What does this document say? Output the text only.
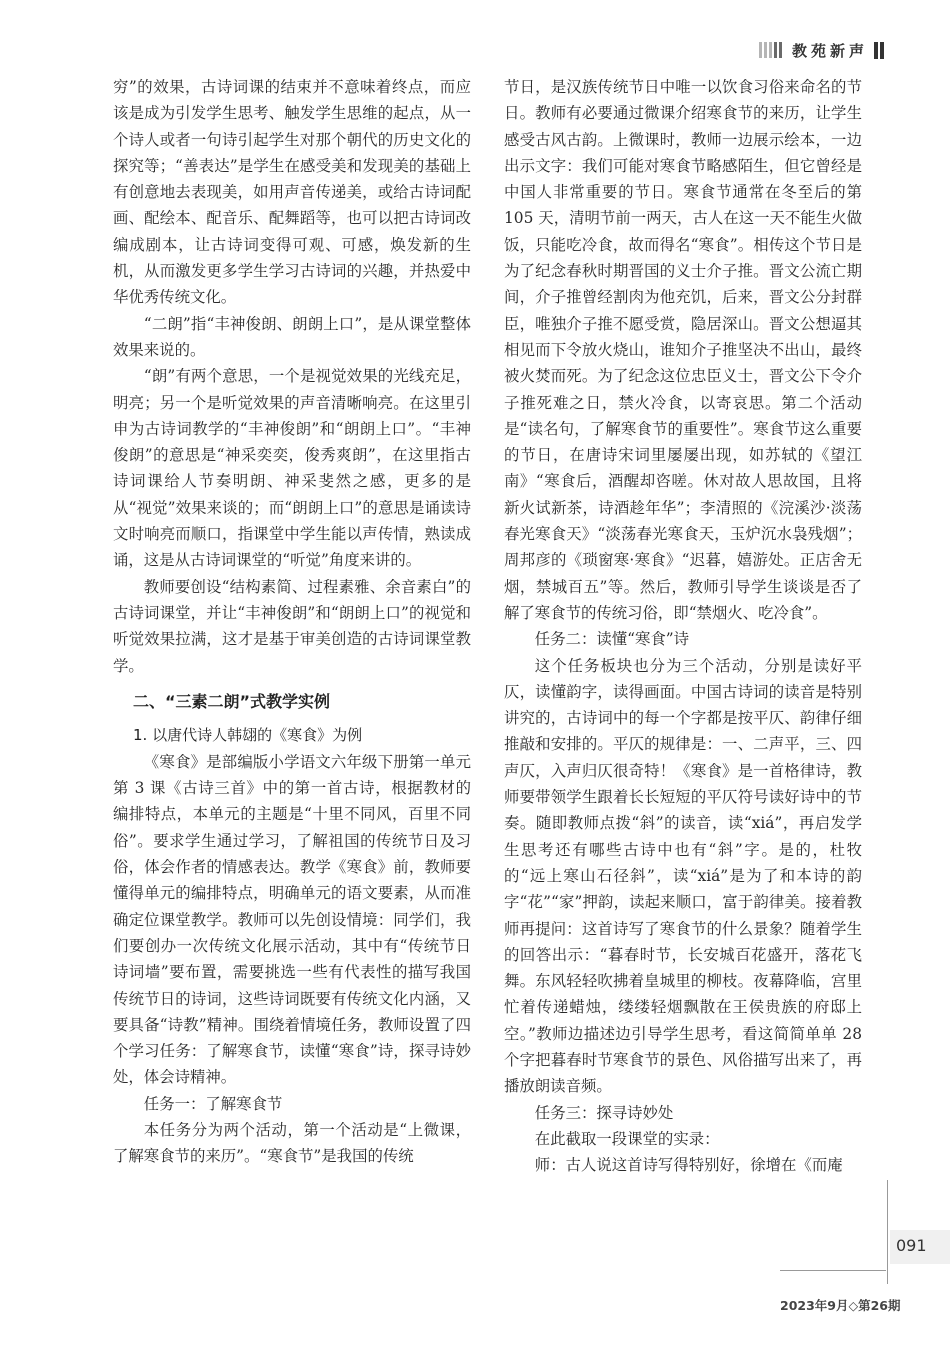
教苑新声

穷”的效果，古诗词课的结束并不意味着终点，而应该是成为引发学生思考、触发学生思维的起点，从一个诗人或者一句诗引起学生对那个朝代的历史文化的探究等；“善表达”是学生在感受美和发现美的基础上有创意地去表现美，如用声音传递美，或给古诗词配画、配绘本、配音乐、配舞蹈等，也可以把古诗词改编成剧本，让古诗词变得可观、可感，焕发新的生机，从而激发更多学生学习古诗词的兴趣，并热爱中华优秀传统文化。

“二朗”指“丰神俊朗、朗朗上口”，是从课堂整体效果来说的。

“朗”有两个意思，一个是视觉效果的光线充足，明亮；另一个是听觉效果的声音清晰响亮。在这里引申为古诗词教学的“丰神俊朗”和“朗朗上口”。“丰神俊朗”的意思是“神采奕奕，俊秀爽朗”，在这里指古诗词课给人节奏明朗、神采斐然之感，更多的是从“视觉”效果来谈的；而“朗朗上口”的意思是诵读诗文时响亮而顺口，指课堂中学生能以声传情，熟读成诵，这是从古诗词课堂的“听觉”角度来讲的。

教师要创设“结构素简、过程素雅、余音素白”的古诗词课堂，并让“丰神俊朗”和“朗朗上口”的视觉和听觉效果拉满，这才是基于审美创造的古诗词课堂教学。

二、“三素二朗”式教学实例
1. 以唐代诗人韩翃的《寒食》为例

《寒食》是部编版小学语文六年级下册第一单元第 3 课《古诗三首》中的第一首古诗，根据教材的编排特点，本单元的主题是“十里不同风，百里不同俗”。要求学生通过学习，了解祖国的传统节日及习俗，体会作者的情感表达。教学《寒食》前，教师要懂得单元的编排特点，明确单元的语文要素，从而准确定位课堂教学。教师可以先创设情境：同学们，我们要创办一次传统文化展示活动，其中有“传统节日诗词墙”要布置，需要挑选一些有代表性的描写我国传统节日的诗词，这些诗词既要有传统文化内涵，又要具备“诗教”精神。围绕着情境任务，教师设置了四个学习任务：了解寒食节，读懂“寒食”诗，探寻诗妙处，体会诗精神。

任务一：了解寒食节

本任务分为两个活动，第一个活动是“上微课，了解寒食节的来历”。“寒食节”是我国的传统

节日，是汉族传统节日中唯一以饮食习俗来命名的节日。教师有必要通过微课介绍寒食节的来历，让学生感受古风古韵。上微课时，教师一边展示绘本，一边出示文字：我们可能对寒食节略感陌生，但它曾经是中国人非常重要的节日。寒食节通常在冬至后的第 105 天，清明节前一两天，古人在这一天不能生火做饭，只能吃冷食，故而得名“寒食”。相传这个节日是为了纪念春秋时期晋国的义士介子推。晋文公流亡期间，介子推曾经割肉为他充饥，后来，晋文公分封群臣，唯独介子推不愿受赏，隐居深山。晋文公想逼其相见而下令放火烧山，谁知介子推坚决不出山，最终被火焚而死。为了纪念这位忠臣义士，晋文公下令介子推死难之日，禁火冷食，以寄哀思。第二个活动是“读名句，了解寒食节的重要性”。寒食节这么重要的节日，在唐诗宋词里屡屡出现，如苏轼的《望江南》“寒食后，酒醒却咨嗟。休对故人思故国，且将新火试新茶，诗酒趁年华”；李清照的《浣溪沙·淡荡春光寒食天》“淡荡春光寒食天，玉炉沉水袅残烟”；周邦彦的《琐窗寒·寒食》“迟暮，嬉游处。正店舍无烟，禁城百五”等。然后，教师引导学生谈谈是否了解了寒食节的传统习俗，即“禁烟火、吃冷食”。

任务二：读懂“寒食”诗

这个任务板块也分为三个活动，分别是读好平仄，读懂韵字，读得画面。中国古诗词的读音是特别讲究的，古诗词中的每一个字都是按平仄、韵律仔细推敲和安排的。平仄的规律是：一、二声平，三、四声仄，入声归仄很奇特！《寒食》是一首格律诗，教师要带领学生跟着长长短短的平仄符号读好诗中的节奏。随即教师点拨“斜”的读音，读“xiá”，再启发学生思考还有哪些古诗中也有“斜”字。是的，杜牧的“远上寒山石径斜”，读“xiá”是为了和本诗的韵字“花”“家”押韵，读起来顺口，富于韵律美。接着教师再提问：这首诗写了寒食节的什么景象？随着学生的回答出示：“暮春时节，长安城百花盛开，落花飞舞。东风轻轻吹拂着皇城里的柳枝。夜幕降临，宫里忙着传递蜡烛，缕缕轻烟飘散在王侯贵族的府邸上空。”教师边描述边引导学生思考，看这简简单单 28 个字把暮春时节寒食节的景色、风俗描写出来了，再播放朗读音频。

任务三：探寻诗妙处

在此截取一段课堂的实录：

师：古人说这首诗写得特别好，徐增在《而庵

091
2023年9月◇第26期
